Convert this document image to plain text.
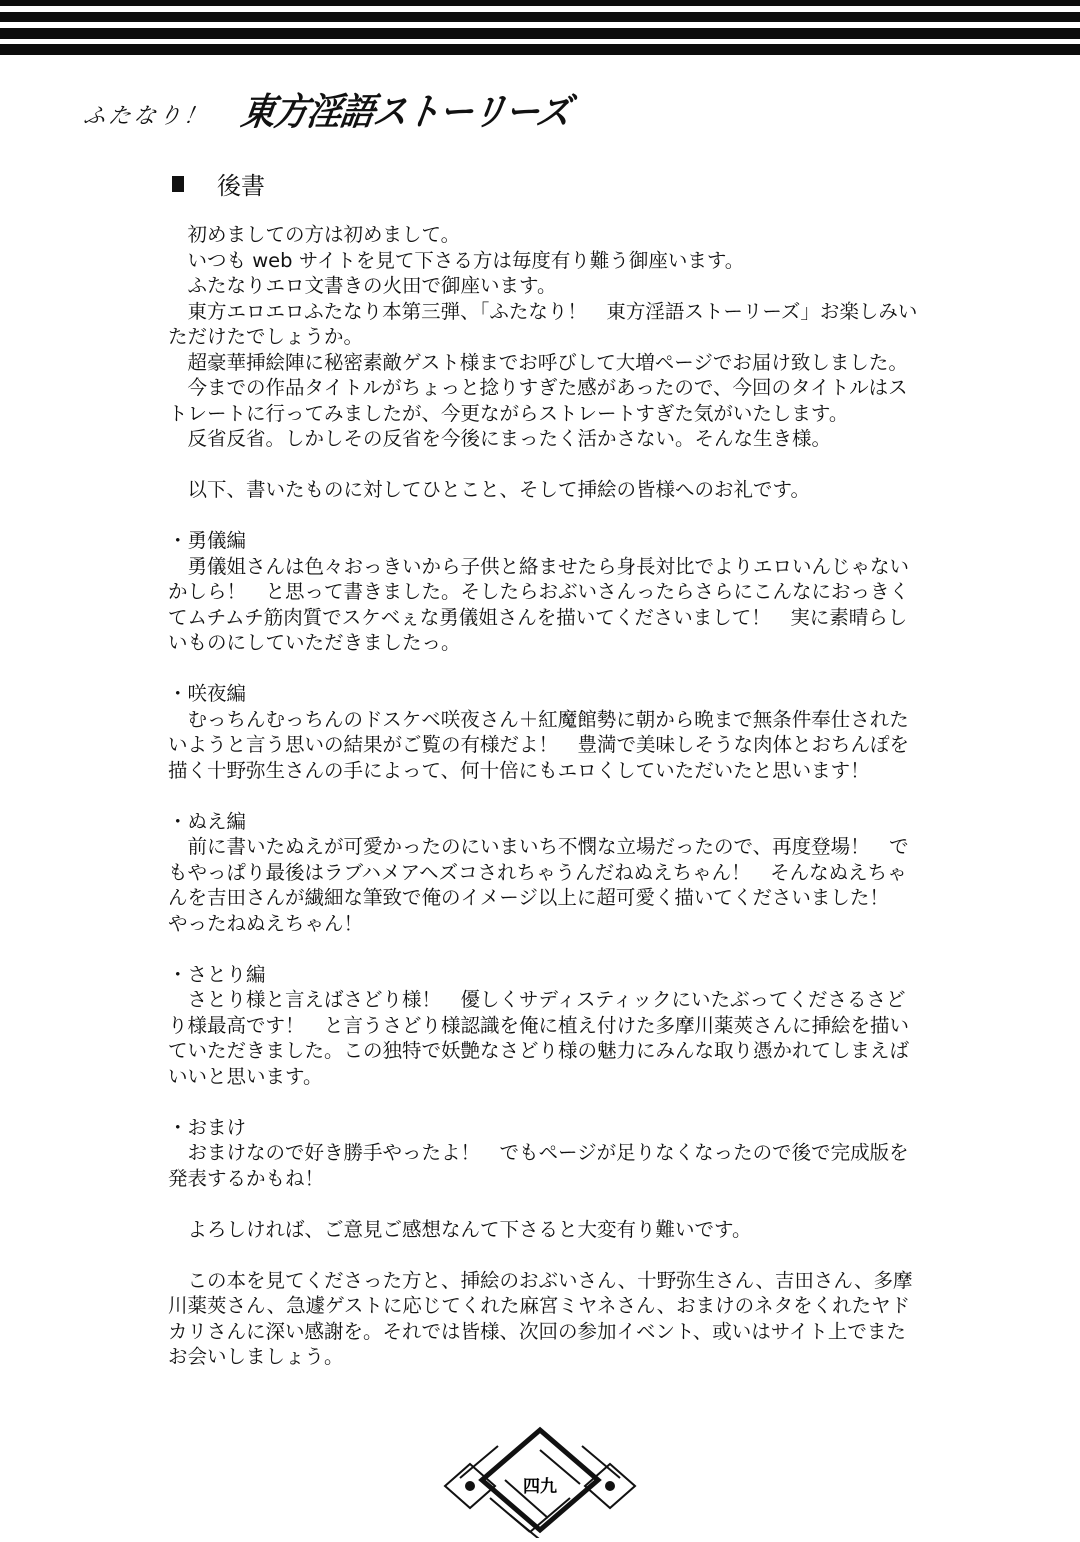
ふたなり！ 東方淫語ストーリーズ
後書
　初めましての方は初めまして。
　いつも web サイトを見て下さる方は毎度有り難う御座います。
　ふたなりエロ文書きの火田で御座います。
　東方エロエロふたなり本第三弾、「ふたなり！　東方淫語ストーリーズ」お楽しみい
ただけたでしょうか。
　超豪華挿絵陣に秘密素敵ゲスト様までお呼びして大増ページでお届け致しました。
　今までの作品タイトルがちょっと捻りすぎた感があったので、今回のタイトルはス
トレートに行ってみましたが、今更ながらストレートすぎた気がいたします。
　反省反省。しかしその反省を今後にまったく活かさない。そんな生き様。
　以下、書いたものに対してひとこと、そして挿絵の皆様へのお礼です。
・勇儀編
　勇儀姐さんは色々おっきいから子供と絡ませたら身長対比でよりエロいんじゃない
かしら！　と思って書きました。そしたらおぶいさんったらさらにこんなにおっきく
てムチムチ筋肉質でスケベぇな勇儀姐さんを描いてくださいまして！　実に素晴らし
いものにしていただきましたっ。
・咲夜編
　むっちんむっちんのドスケベ咲夜さん＋紅魔館勢に朝から晩まで無条件奉仕された
いようと言う思いの結果がご覧の有様だよ！　豊満で美味しそうな肉体とおちんぽを
描く十野弥生さんの手によって、何十倍にもエロくしていただいたと思います！
・ぬえ編
　前に書いたぬえが可愛かったのにいまいち不憫な立場だったので、再度登場！　で
もやっぱり最後はラブハメアヘズコされちゃうんだねぬえちゃん！　そんなぬえちゃ
んを吉田さんが繊細な筆致で俺のイメージ以上に超可愛く描いてくださいました！
やったねぬえちゃん！
・さとり編
　さとり様と言えばさどり様！　優しくサディスティックにいたぶってくださるさど
り様最高です！　と言うさどり様認識を俺に植え付けた多摩川薬莢さんに挿絵を描い
ていただきました。この独特で妖艶なさどり様の魅力にみんな取り憑かれてしまえば
いいと思います。
・おまけ
　おまけなので好き勝手やったよ！　でもページが足りなくなったので後で完成版を
発表するかもね！
　よろしければ、ご意見ご感想なんて下さると大変有り難いです。
　この本を見てくださった方と、挿絵のおぶいさん、十野弥生さん、吉田さん、多摩
川薬莢さん、急遽ゲストに応じてくれた麻宮ミヤネさん、おまけのネタをくれたヤド
カリさんに深い感謝を。それでは皆様、次回の参加イベント、或いはサイト上でまた
お会いしましょう。
四九
